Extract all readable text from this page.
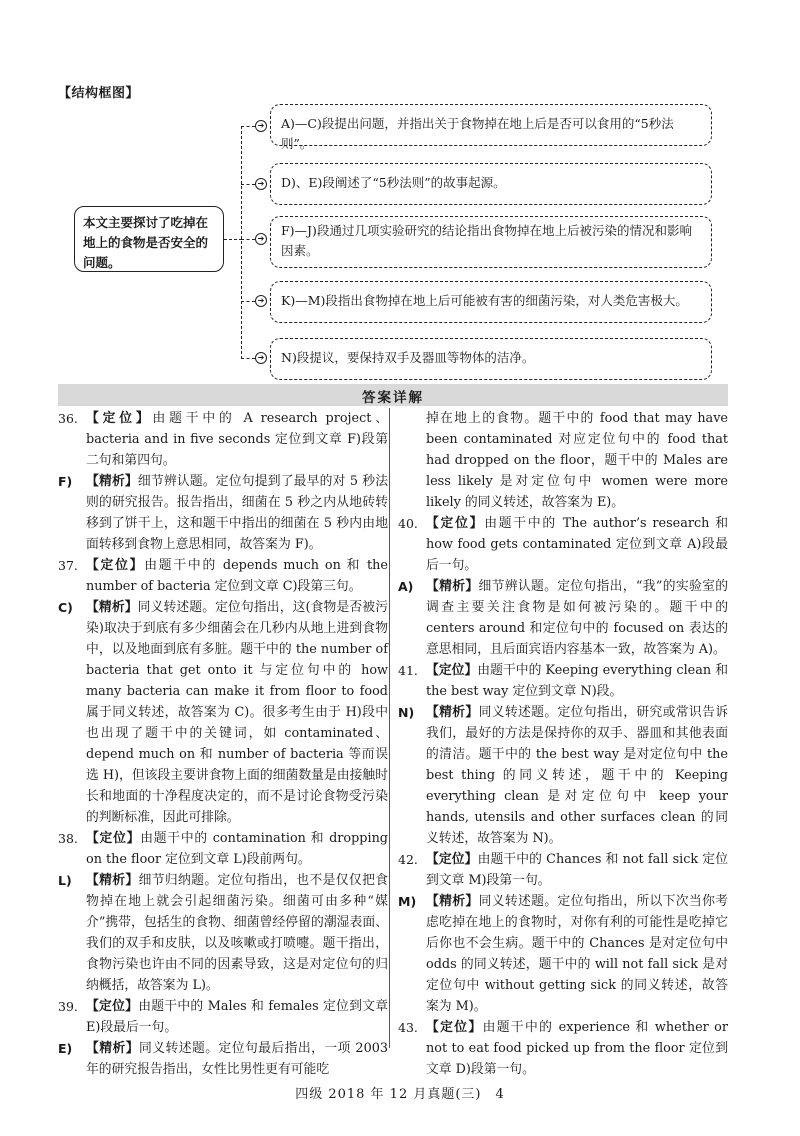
【结构框图】
本文主要探讨了吃掉在地上的食物是否安全的问题。
➔	A)—C)段提出问题，并指出关于食物掉在地上后是否可以食用的“5秒法则”。
➔	D)、E)段阐述了“5秒法则”的故事起源。
➔
F)—J)段通过几项实验研究的结论指出食物掉在地上后被污染的情况和影响因素。
➔	K)—M)段指出食物掉在地上后可能被有害的细菌污染，对人类危害极大。
➔	N)段提议，要保持双手及器皿等物体的洁净。
答案详解
36. 【定位】由题干中的 A research project、bacteria and in five seconds 定位到文章 F)段第二句和第四句。
F)	【精析】细节辨认题。定位句提到了最早的对 5 秒法则的研究报告。报告指出，细菌在 5 秒之内从地砖转移到了饼干上，这和题干中指出的细菌在 5 秒内由地面转移到食物上意思相同，故答案为 F)。
37. 【定位】由题干中的 depends much on 和 the number of bacteria 定位到文章 C)段第三句。
C)	【精析】同义转述题。定位句指出，这(食物是否被污染)取决于到底有多少细菌会在几秒内从地上进到食物中，以及地面到底有多脏。题干中的 the number of bacteria that get onto it 与定位句中的 how many bacteria can make it from floor to food 属于同义转述，故答案为 C)。很多考生由于 H)段中也出现了题干中的关键词，如 contaminated、depend much on 和 number of bacteria 等而误选 H)，但该段主要讲食物上面的细菌数量是由接触时长和地面的十净程度决定的，而不是讨论食物受污染的判断标准，因此可排除。
38. 【定位】由题干中的 contamination 和 dropping on the floor 定位到文章 L)段前两句。
L)	【精析】细节归纳题。定位句指出，也不是仅仅把食物掉在地上就会引起细菌污染。细菌可由多种“媒介”携带，包括生的食物、细菌曾经停留的潮湿表面、我们的双手和皮肤，以及咳嗽或打喷嚏。题干指出，食物污染也许由不同的因素导致，这是对定位句的归纳概括，故答案为 L)。
39. 【定位】由题干中的 Males 和 females 定位到文章 E)段最后一句。
E)	【精析】同义转述题。定位句最后指出，一项 2003 年的研究报告指出，女性比男性更有可能吃
掉在地上的食物。题干中的 food that may have been contaminated 对应定位句中的 food that had dropped on the floor，题干中的 Males are less likely 是对定位句中 women were more likely 的同义转述，故答案为 E)。
40. 【定位】由题干中的 The author’s research 和 how food gets contaminated 定位到文章 A)段最后一句。
A) 【精析】细节辨认题。定位句指出，“我”的实验室的调查主要关注食物是如何被污染的。题干中的 centers around 和定位句中的 focused on 表达的意思相同，且后面宾语内容基本一致，故答案为 A)。
41. 【定位】由题干中的 Keeping everything clean 和 the best way 定位到文章 N)段。
N) 【精析】同义转述题。定位句指出，研究或常识告诉我们，最好的方法是保持你的双手、器皿和其他表面的清洁。题干中的 the best way 是对定位句中 the best thing 的同义转述，题干中的 Keeping everything clean 是对定位句中 keep your hands, utensils and other surfaces clean 的同义转述，故答案为 N)。
42. 【定位】由题干中的 Chances 和 not fall sick 定位到文章 M)段第一句。
M) 【精析】同义转述题。定位句指出，所以下次当你考虑吃掉在地上的食物时，对你有利的可能性是吃掉它后你也不会生病。题干中的 Chances 是对定位句中 odds 的同义转述，题干中的 will not fall sick 是对定位句中 without getting sick 的同义转述，故答案为 M)。
43. 【定位】由题干中的 experience 和 whether or not to eat food picked up from the floor 定位到文章 D)段第一句。
四级 2018 年 12 月真题(三)　4
